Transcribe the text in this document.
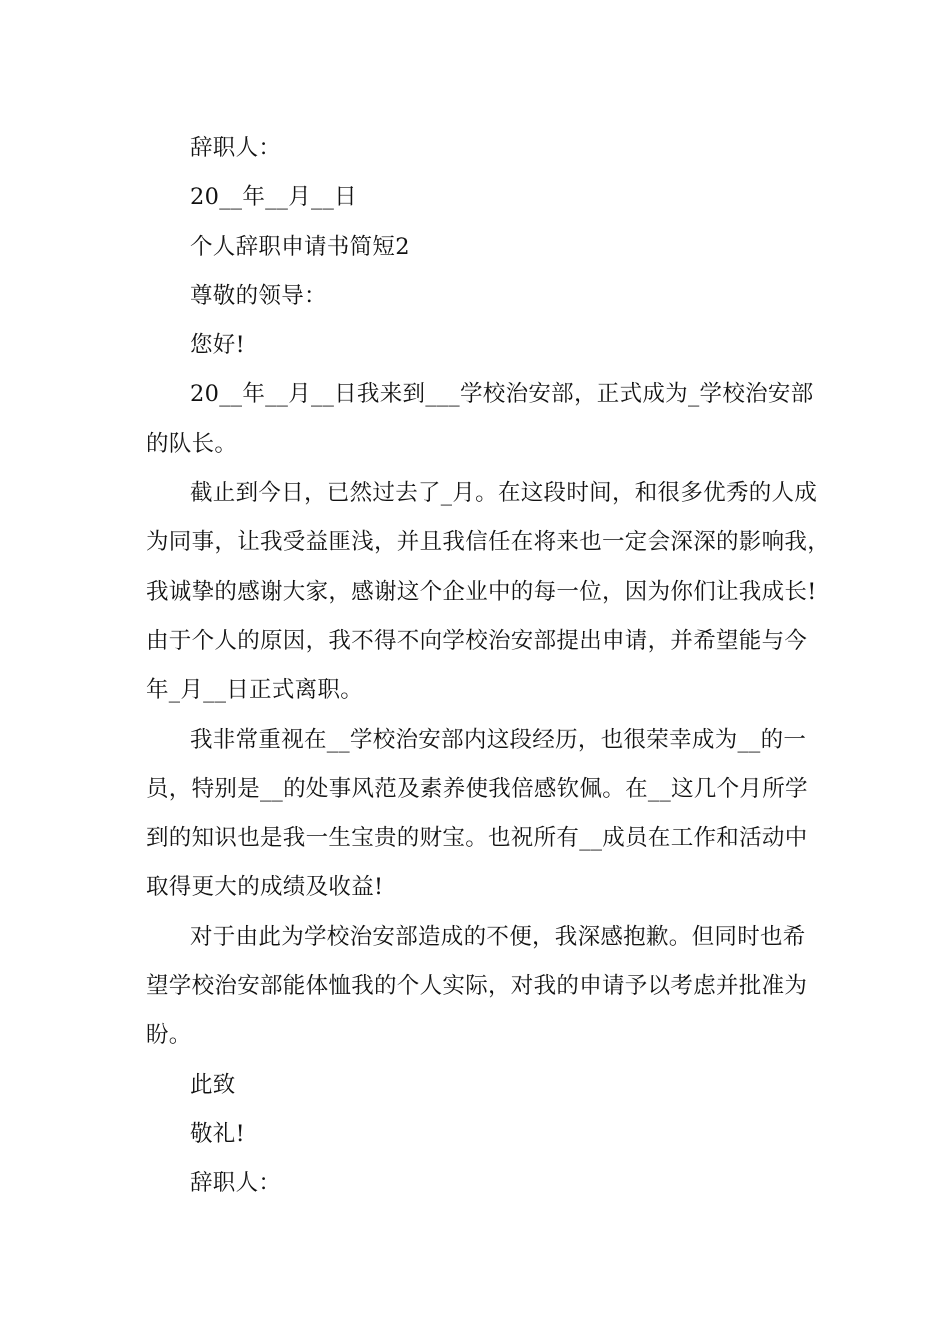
辞职人：
20__年__月__日
个人辞职申请书简短2
尊敬的领导：
您好!
20__年__月__日我来到___学校治安部，正式成为_学校治安部
的队长。
截止到今日，已然过去了_月。在这段时间，和很多优秀的人成
为同事，让我受益匪浅，并且我信任在将来也一定会深深的影响我，
我诚挚的感谢大家，感谢这个企业中的每一位，因为你们让我成长!
由于个人的原因，我不得不向学校治安部提出申请，并希望能与今
年_月__日正式离职。
我非常重视在__学校治安部内这段经历，也很荣幸成为__的一
员，特别是__的处事风范及素养使我倍感钦佩。在__这几个月所学
到的知识也是我一生宝贵的财宝。也祝所有__成员在工作和活动中
取得更大的成绩及收益!
对于由此为学校治安部造成的不便，我深感抱歉。但同时也希
望学校治安部能体恤我的个人实际，对我的申请予以考虑并批准为
盼。
此致
敬礼!
辞职人：
